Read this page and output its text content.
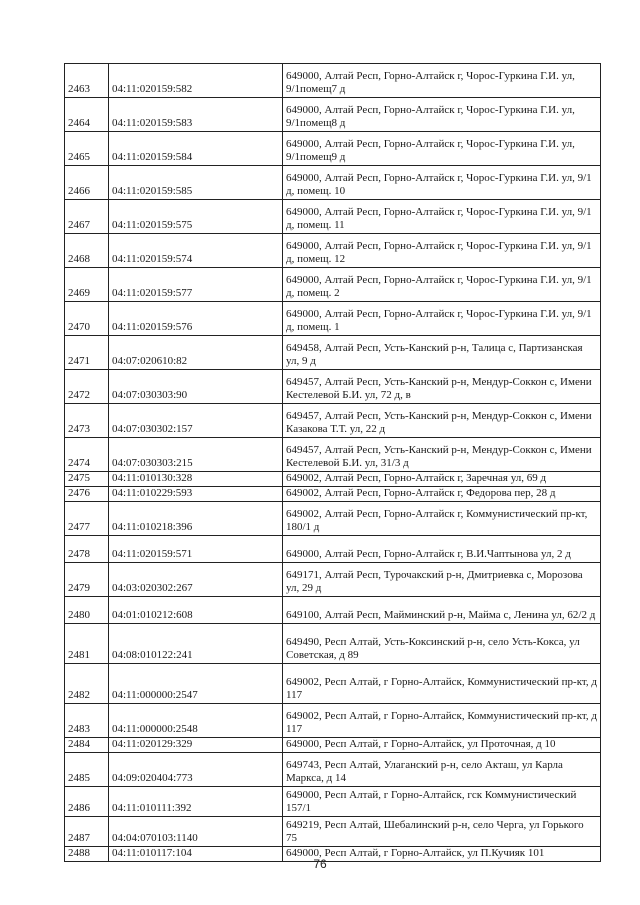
2463	04:11:020159:582	649000, Алтай Респ, Горно-Алтайск г, Чорос-Гуркина Г.И. ул, 9/1помещ7 д
2464	04:11:020159:583	649000, Алтай Респ, Горно-Алтайск г, Чорос-Гуркина Г.И. ул, 9/1помещ8 д
2465	04:11:020159:584	649000, Алтай Респ, Горно-Алтайск г, Чорос-Гуркина Г.И. ул, 9/1помещ9 д
2466	04:11:020159:585	649000, Алтай Респ, Горно-Алтайск г, Чорос-Гуркина Г.И. ул, 9/1 д, помещ. 10
2467	04:11:020159:575	649000, Алтай Респ, Горно-Алтайск г, Чорос-Гуркина Г.И. ул, 9/1 д, помещ. 11
2468	04:11:020159:574	649000, Алтай Респ, Горно-Алтайск г, Чорос-Гуркина Г.И. ул, 9/1 д, помещ. 12
2469	04:11:020159:577	649000, Алтай Респ, Горно-Алтайск г, Чорос-Гуркина Г.И. ул, 9/1 д, помещ. 2
2470	04:11:020159:576	649000, Алтай Респ, Горно-Алтайск г, Чорос-Гуркина Г.И. ул, 9/1 д, помещ. 1
2471	04:07:020610:82	649458, Алтай Респ, Усть-Канский р-н, Талица с, Партизанская ул, 9 д
2472	04:07:030303:90	649457, Алтай Респ, Усть-Канский р-н, Мендур-Соккон с, Имени Кестелевой Б.И. ул, 72 д, в
2473	04:07:030302:157	649457, Алтай Респ, Усть-Канский р-н, Мендур-Соккон с, Имени Казакова Т.Т. ул, 22 д
2474	04:07:030303:215	649457, Алтай Респ, Усть-Канский р-н, Мендур-Соккон с, Имени Кестелевой Б.И. ул, 31/3 д
2475	04:11:010130:328	649002, Алтай Респ, Горно-Алтайск г, Заречная ул, 69 д
2476	04:11:010229:593	649002, Алтай Респ, Горно-Алтайск г, Федорова пер, 28 д
2477	04:11:010218:396	649002, Алтай Респ, Горно-Алтайск г, Коммунистический пр-кт, 180/1 д
2478	04:11:020159:571	649000, Алтай Респ, Горно-Алтайск г, В.И.Чаптынова ул, 2 д
2479	04:03:020302:267	649171, Алтай Респ, Турочакский р-н, Дмитриевка с, Морозова ул, 29 д
2480	04:01:010212:608	649100, Алтай Респ, Майминский р-н, Майма с, Ленина ул, 62/2 д
2481	04:08:010122:241	649490, Респ Алтай, Усть-Коксинский р-н, село Усть-Кокса, ул Советская, д 89
2482	04:11:000000:2547	649002, Респ Алтай, г Горно-Алтайск, Коммунистический пр-кт, д 117
2483	04:11:000000:2548	649002, Респ Алтай, г Горно-Алтайск, Коммунистический пр-кт, д 117
2484	04:11:020129:329	649000, Респ Алтай, г Горно-Алтайск, ул Проточная, д 10
2485	04:09:020404:773	649743, Респ Алтай, Улаганский р-н, село Акташ, ул Карла Маркса, д 14
2486	04:11:010111:392	649000, Респ Алтай, г Горно-Алтайск, гск Коммунистический 157/1
2487	04:04:070103:1140	649219, Респ Алтай, Шебалинский р-н, село Черга, ул Горького 75
2488	04:11:010117:104	649000, Респ Алтай, г Горно-Алтайск, ул П.Кучияк 101
76
